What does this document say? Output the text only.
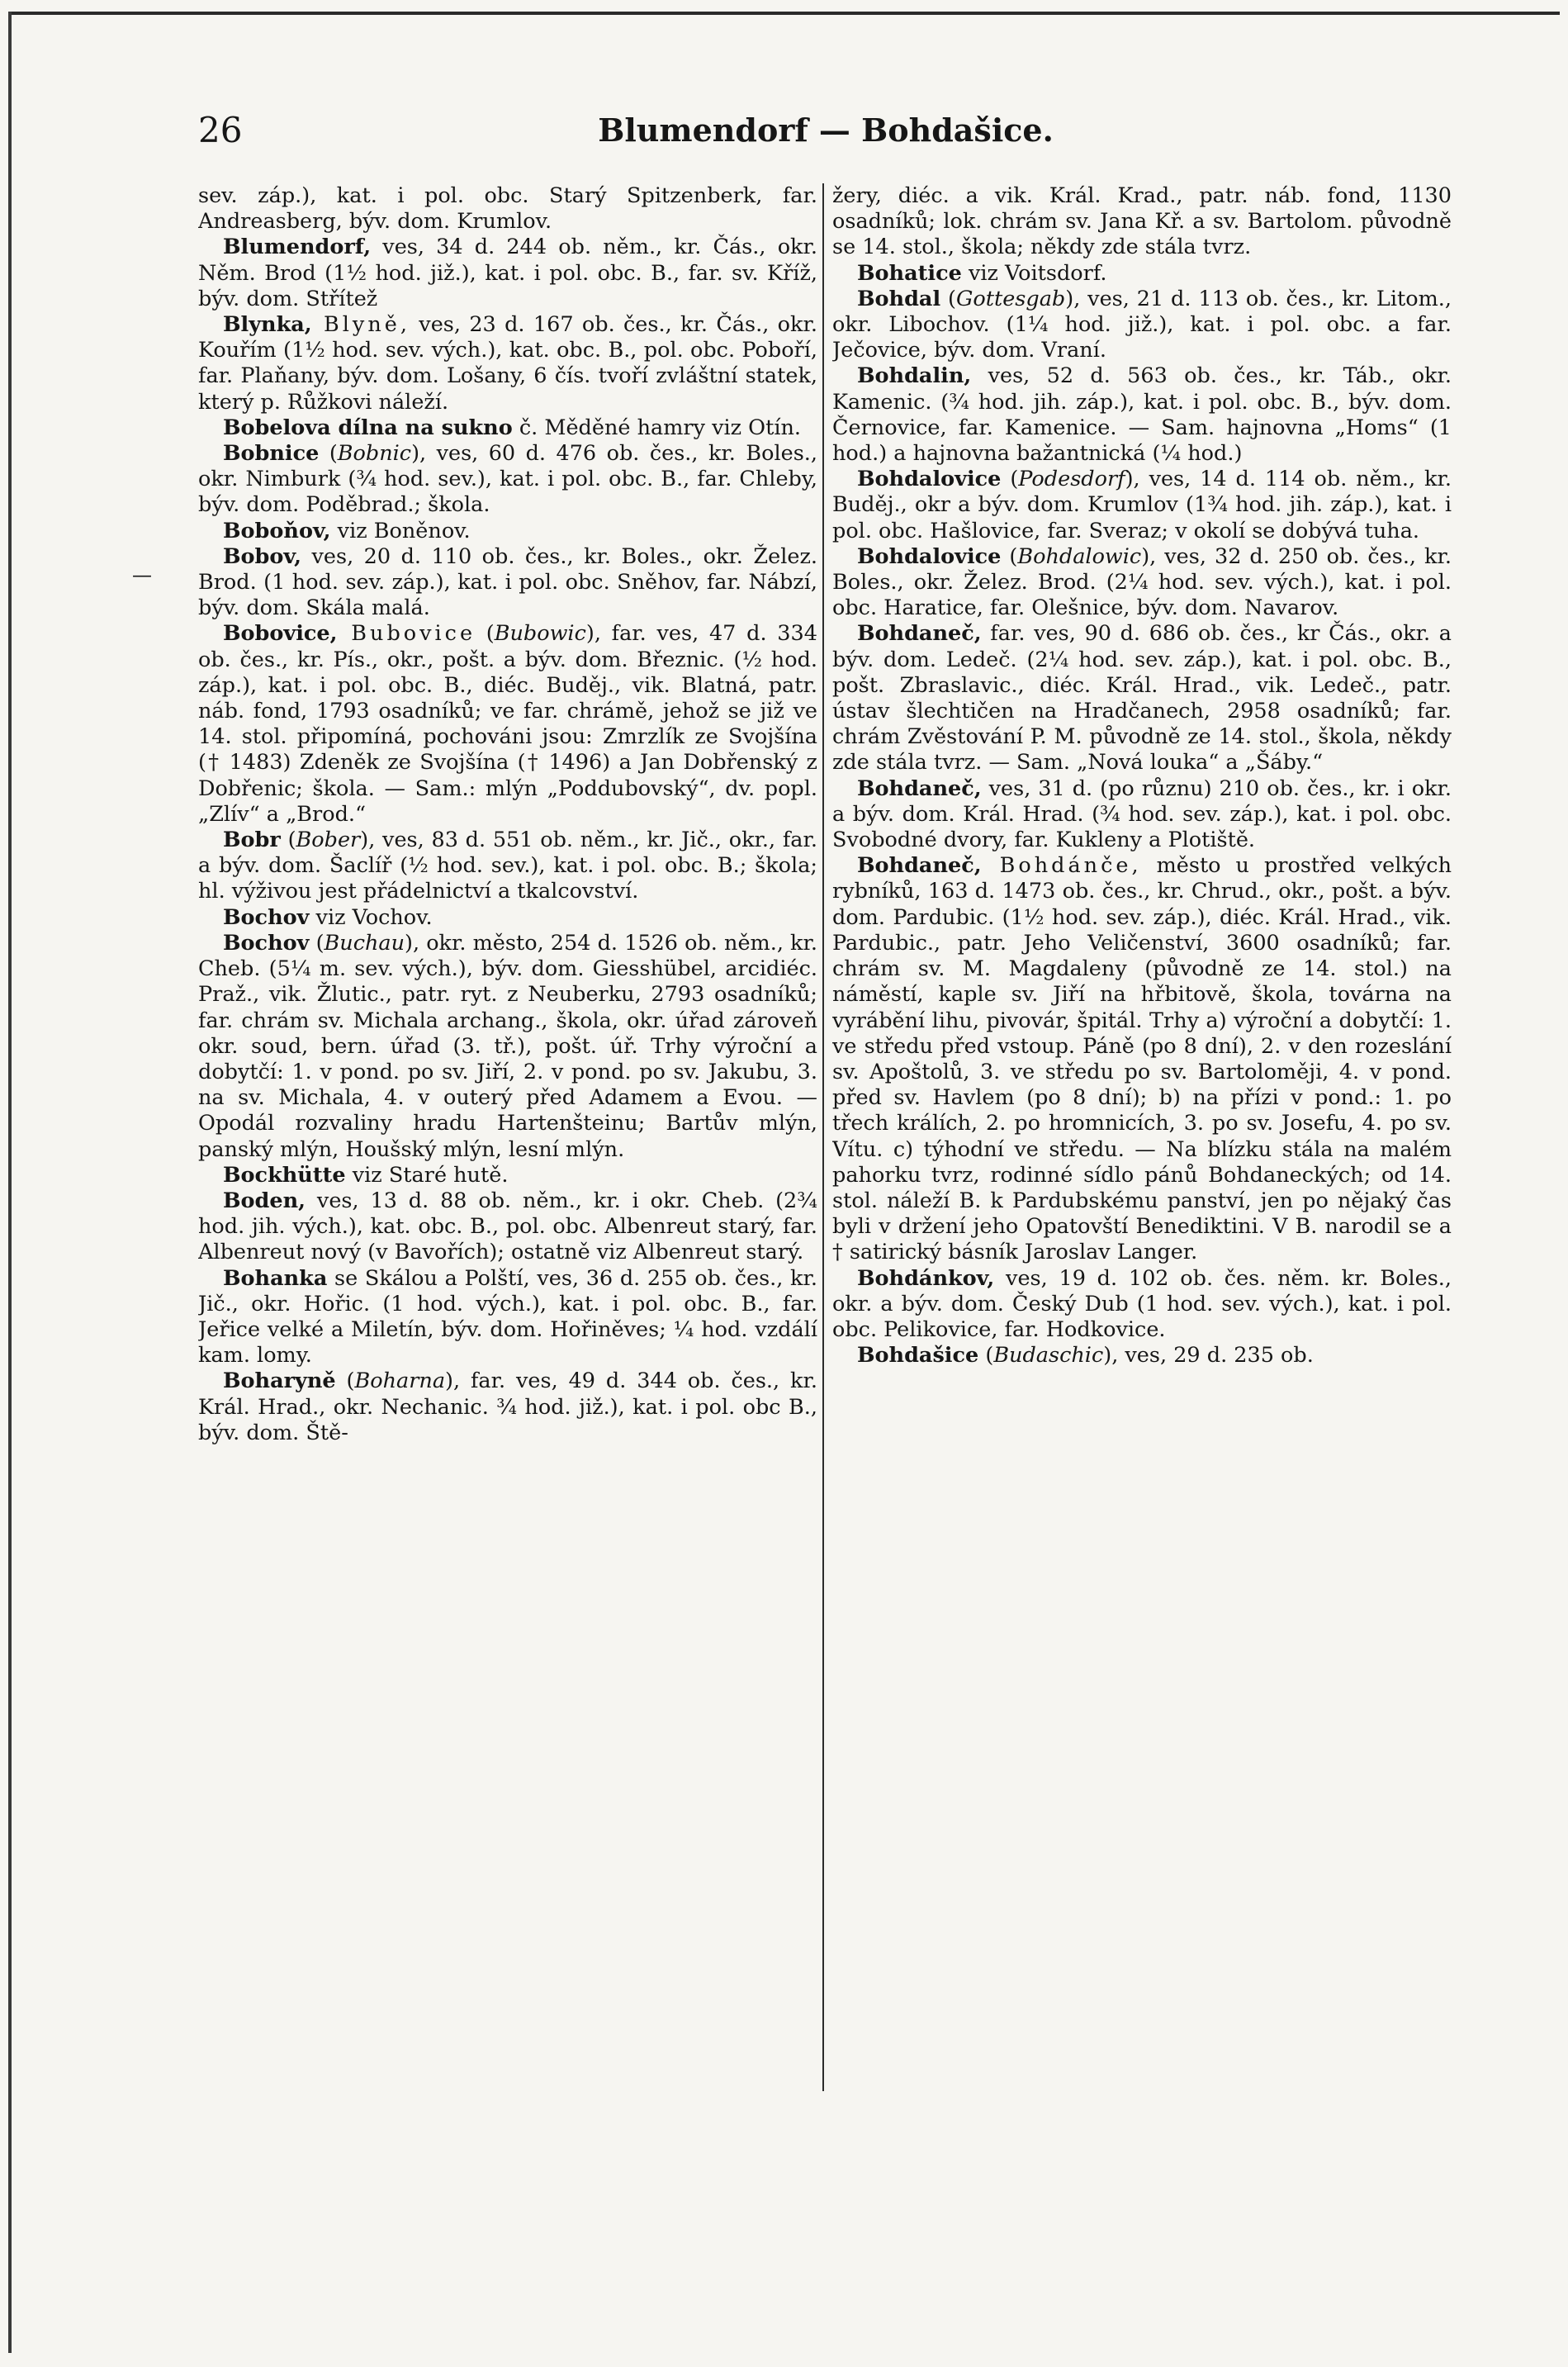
26	Blumendorf — Bohdašice.
—

sev. záp.), kat. i pol. obc. Starý Spitzenberk, far. Andreasberg, býv. dom. Krumlov.

Blumendorf, ves, 34 d. 244 ob. něm., kr. Čás., okr. Něm. Brod (1½ hod. již.), kat. i pol. obc. B., far. sv. Kříž, býv. dom. Střítež

Blynka, Blyně, ves, 23 d. 167 ob. čes., kr. Čás., okr. Kouřím (1½ hod. sev. vých.), kat. obc. B., pol. obc. Poboří, far. Plaňany, býv. dom. Lošany, 6 čís. tvoří zvláštní statek, který p. Růžkovi náleží.

Bobelova dílna na sukno č. Měděné hamry viz Otín.

Bobnice (Bobnic), ves, 60 d. 476 ob. čes., kr. Boles., okr. Nimburk (¾ hod. sev.), kat. i pol. obc. B., far. Chleby, býv. dom. Poděbrad.; škola.

Boboňov, viz Boněnov.

Bobov, ves, 20 d. 110 ob. čes., kr. Boles., okr. Želez. Brod. (1 hod. sev. záp.), kat. i pol. obc. Sněhov, far. Nábzí, býv. dom. Skála malá.

Bobovice, Bubovice (Bubowic), far. ves, 47 d. 334 ob. čes., kr. Pís., okr., pošt. a býv. dom. Březnic. (½ hod. záp.), kat. i pol. obc. B., diéc. Buděj., vik. Blatná, patr. náb. fond, 1793 osadníků; ve far. chrámě, jehož se již ve 14. stol. připomíná, pochováni jsou: Zmrzlík ze Svojšína († 1483) Zdeněk ze Svojšína († 1496) a Jan Dobřenský z Dobřenic; škola. — Sam.: mlýn „Poddubovský“, dv. popl. „Zlív“ a „Brod.“

Bobr (Bober), ves, 83 d. 551 ob. něm., kr. Jič., okr., far. a býv. dom. Šaclíř (½ hod. sev.), kat. i pol. obc. B.; škola; hl. výživou jest přádelnictví a tkalcovství.

Bochov viz Vochov.

Bochov (Buchau), okr. město, 254 d. 1526 ob. něm., kr. Cheb. (5¼ m. sev. vých.), býv. dom. Giesshübel, arcidiéc. Praž., vik. Žlutic., patr. ryt. z Neuberku, 2793 osadníků; far. chrám sv. Michala archang., škola, okr. úřad zároveň okr. soud, bern. úřad (3. tř.), pošt. úř. Trhy výroční a dobytčí: 1. v pond. po sv. Jiří, 2. v pond. po sv. Jakubu, 3. na sv. Michala, 4. v outerý před Adamem a Evou. — Opodál rozvaliny hradu Hartenšteinu; Bartův mlýn, panský mlýn, Houšský mlýn, lesní mlýn.

Bockhütte viz Staré hutě.

Boden, ves, 13 d. 88 ob. něm., kr. i okr. Cheb. (2¾ hod. jih. vých.), kat. obc. B., pol. obc. Albenreut starý, far. Albenreut nový (v Bavořích); ostatně viz Albenreut starý.

Bohanka se Skálou a Polští, ves, 36 d. 255 ob. čes., kr. Jič., okr. Hořic. (1 hod. vých.), kat. i pol. obc. B., far. Jeřice velké a Miletín, býv. dom. Hořiněves; ¼ hod. vzdálí kam. lomy.

Boharyně (Boharna), far. ves, 49 d. 344 ob. čes., kr. Král. Hrad., okr. Nechanic. ¾ hod. již.), kat. i pol. obc B., býv. dom. Ště-

žery, diéc. a vik. Král. Krad., patr. náb. fond, 1130 osadníků; lok. chrám sv. Jana Kř. a sv. Bartolom. původně se 14. stol., škola; někdy zde stála tvrz.

Bohatice viz Voitsdorf.

Bohdal (Gottesgab), ves, 21 d. 113 ob. čes., kr. Litom., okr. Libochov. (1¼ hod. již.), kat. i pol. obc. a far. Ječovice, býv. dom. Vraní.

Bohdalin, ves, 52 d. 563 ob. čes., kr. Táb., okr. Kamenic. (¾ hod. jih. záp.), kat. i pol. obc. B., býv. dom. Černovice, far. Kamenice. — Sam. hajnovna „Homs“ (1 hod.) a hajnovna bažantnická (¼ hod.)

Bohdalovice (Podesdorf), ves, 14 d. 114 ob. něm., kr. Buděj., okr a býv. dom. Krumlov (1¾ hod. jih. záp.), kat. i pol. obc. Hašlovice, far. Sveraz; v okolí se dobývá tuha.

Bohdalovice (Bohdalowic), ves, 32 d. 250 ob. čes., kr. Boles., okr. Želez. Brod. (2¼ hod. sev. vých.), kat. i pol. obc. Haratice, far. Olešnice, býv. dom. Navarov.

Bohdaneč, far. ves, 90 d. 686 ob. čes., kr Čás., okr. a býv. dom. Ledeč. (2¼ hod. sev. záp.), kat. i pol. obc. B., pošt. Zbraslavic., diéc. Král. Hrad., vik. Ledeč., patr. ústav šlechtičen na Hradčanech, 2958 osadníků; far. chrám Zvěstování P. M. původně ze 14. stol., škola, někdy zde stála tvrz. — Sam. „Nová louka“ a „Šáby.“

Bohdaneč, ves, 31 d. (po různu) 210 ob. čes., kr. i okr. a býv. dom. Král. Hrad. (¾ hod. sev. záp.), kat. i pol. obc. Svobodné dvory, far. Kukleny a Plotiště.

Bohdaneč, Bohdánče, město u prostřed velkých rybníků, 163 d. 1473 ob. čes., kr. Chrud., okr., pošt. a býv. dom. Pardubic. (1½ hod. sev. záp.), diéc. Král. Hrad., vik. Pardubic., patr. Jeho Veličenství, 3600 osadníků; far. chrám sv. M. Magdaleny (původně ze 14. stol.) na náměstí, kaple sv. Jiří na hřbitově, škola, továrna na vyrábění lihu, pivovár, špitál. Trhy a) výroční a dobytčí: 1. ve středu před vstoup. Páně (po 8 dní), 2. v den rozeslání sv. Apoštolů, 3. ve středu po sv. Bartoloměji, 4. v pond. před sv. Havlem (po 8 dní); b) na přízi v pond.: 1. po třech králích, 2. po hromnicích, 3. po sv. Josefu, 4. po sv. Vítu. c) týhodní ve středu. — Na blízku stála na malém pahorku tvrz, rodinné sídlo pánů Bohdaneckých; od 14. stol. náleží B. k Pardubskému panství, jen po nějaký čas byli v držení jeho Opatovští Benediktini. V B. narodil se a † satirický básník Jaroslav Langer.

Bohdánkov, ves, 19 d. 102 ob. čes. něm. kr. Boles., okr. a býv. dom. Český Dub (1 hod. sev. vých.), kat. i pol. obc. Pelikovice, far. Hodkovice.

Bohdašice (Budaschic), ves, 29 d. 235 ob.
